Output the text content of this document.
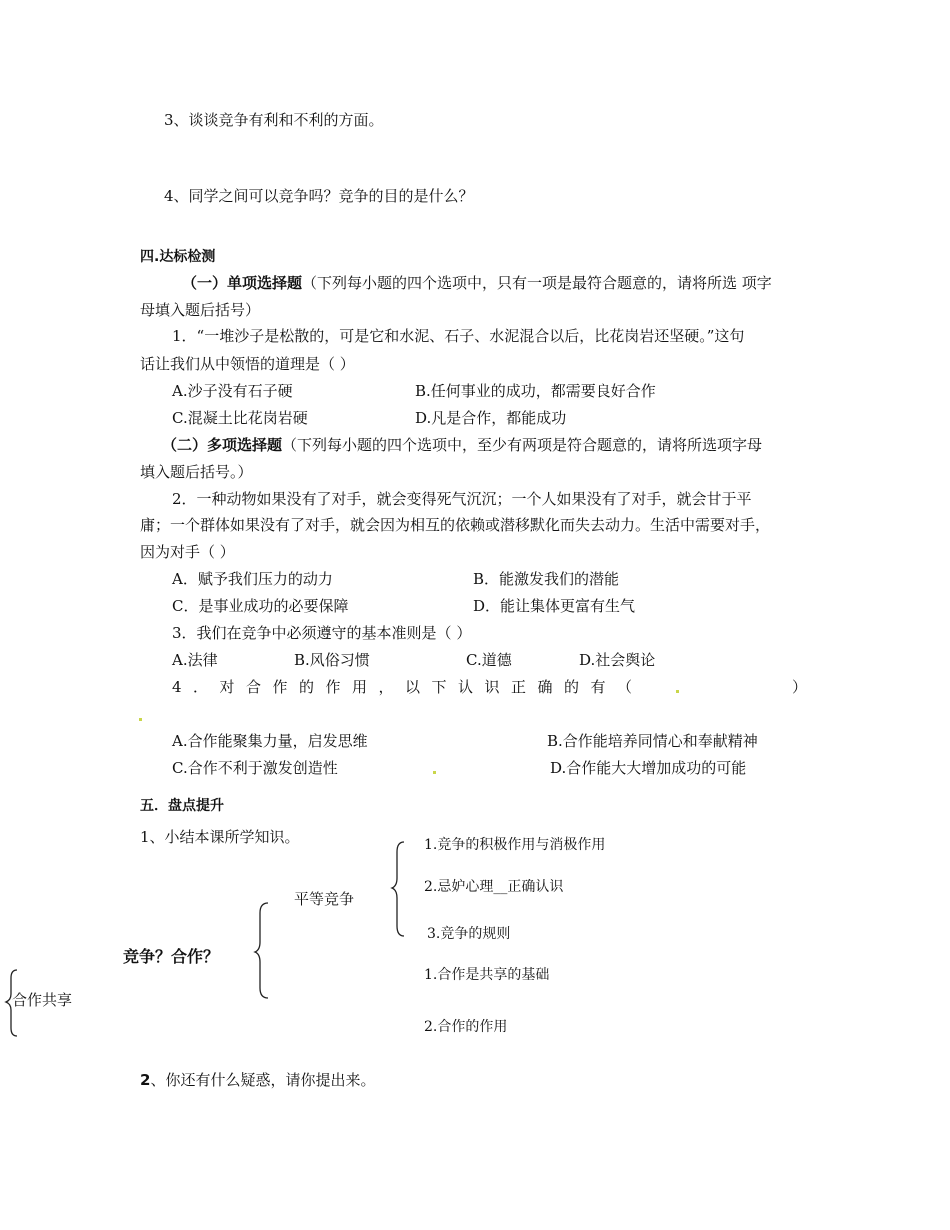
3、谈谈竞争有利和不利的方面。
4、同学之间可以竞争吗？竞争的目的是什么？
四.达标检测
（一）单项选择题（下列每小题的四个选项中，只有一项是最符合题意的，请将所选 项字
母填入题后括号）
1．“一堆沙子是松散的，可是它和水泥、石子、水泥混合以后，比花岗岩还坚硬。”这句
话让我们从中领悟的道理是（ ）
A.沙子没有石子硬	B.任何事业的成功，都需要良好合作
C.混凝土比花岗岩硬	D.凡是合作，都能成功
（二）多项选择题（下列每小题的四个选项中，至少有两项是符合题意的，请将所选项字母
填入题后括号。）
2．一种动物如果没有了对手，就会变得死气沉沉；一个人如果没有了对手，就会甘于平
庸；一个群体如果没有了对手，就会因为相互的依赖或潜移默化而失去动力。生活中需要对手，
因为对手（ ）
A．赋予我们压力的动力	B．能激发我们的潜能
C．是事业成功的必要保障	D．能让集体更富有生气
3．我们在竞争中必须遵守的基本准则是（ ）
A.法律	B.风俗习惯	C.道德	D.社会舆论
4．对合作的作用，以下认识正确的有（	）
A.合作能聚集力量，启发思维	B.合作能培养同情心和奉献精神
C.合作不利于激发创造性	D.合作能大大增加成功的可能
五．盘点提升
1、小结本课所学知识。
竞争？合作？
平等竞争
合作共享
1.竞争的积极作用与消极作用
2.忌妒心理__正确认识
3.竞争的规则
1.合作是共享的基础
2.合作的作用
2、你还有什么疑惑，请你提出来。
